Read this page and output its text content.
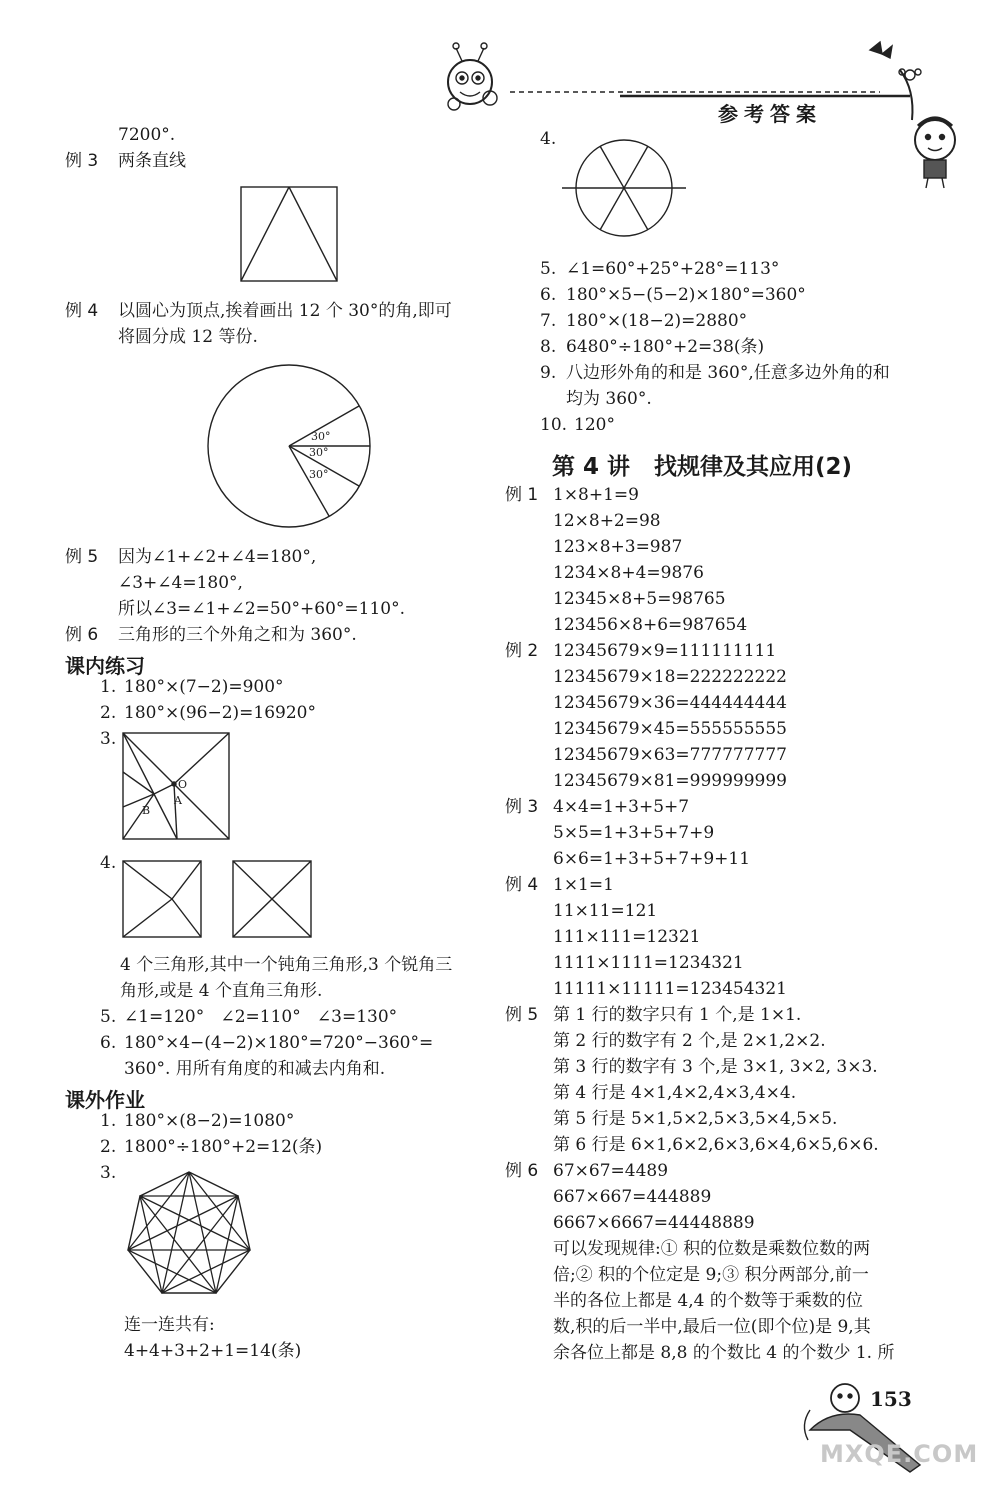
参考答案
7200°.
例 3 两条直线
例 4 以圆心为顶点,挨着画出 12 个 30°的角,即可
将圆分成 12 等份.
30°
30°
30°
例 5 因为∠1+∠2+∠4=180°,
∠3+∠4=180°,
所以∠3=∠1+∠2=50°+60°=110°.
例 6 三角形的三个外角之和为 360°.
课内练习
1. 180°×(7−2)=900°
2. 180°×(96−2)=16920°
3.
O
A
B
4.
4 个三角形,其中一个钝角三角形,3 个锐角三
角形,或是 4 个直角三角形.
5. ∠1=120°   ∠2=110°   ∠3=130°
6. 180°×4−(4−2)×180°=720°−360°=
360°. 用所有角度的和减去内角和.
课外作业
1. 180°×(8−2)=1080°
2. 1800°÷180°+2=12(条)
3.
连一连共有:
4+4+3+2+1=14(条)
4.
5. ∠1=60°+25°+28°=113°
6. 180°×5−(5−2)×180°=360°
7. 180°×(18−2)=2880°
8. 6480°÷180°+2=38(条)
9. 八边形外角的和是 360°,任意多边外角的和
均为 360°.
10. 120°
第 4 讲   找规律及其应用(2)
例 1 1×8+1=9
12×8+2=98
123×8+3=987
1234×8+4=9876
12345×8+5=98765
123456×8+6=987654
例 2 12345679×9=111111111
12345679×18=222222222
12345679×36=444444444
12345679×45=555555555
12345679×63=777777777
12345679×81=999999999
例 3 4×4=1+3+5+7
5×5=1+3+5+7+9
6×6=1+3+5+7+9+11
例 4 1×1=1
11×11=121
111×111=12321
1111×1111=1234321
11111×11111=123454321
例 5 第 1 行的数字只有 1 个,是 1×1.
第 2 行的数字有 2 个,是 2×1,2×2.
第 3 行的数字有 3 个,是 3×1, 3×2, 3×3.
第 4 行是 4×1,4×2,4×3,4×4.
第 5 行是 5×1,5×2,5×3,5×4,5×5.
第 6 行是 6×1,6×2,6×3,6×4,6×5,6×6.
例 6 67×67=4489
667×667=444889
6667×6667=44448889
可以发现规律:① 积的位数是乘数位数的两
倍;② 积的个位定是 9;③ 积分两部分,前一
半的各位上都是 4,4 的个数等于乘数的位
数,积的后一半中,最后一位(即个位)是 9,其
余各位上都是 8,8 的个数比 4 的个数少 1. 所
153
MXQE.COM
